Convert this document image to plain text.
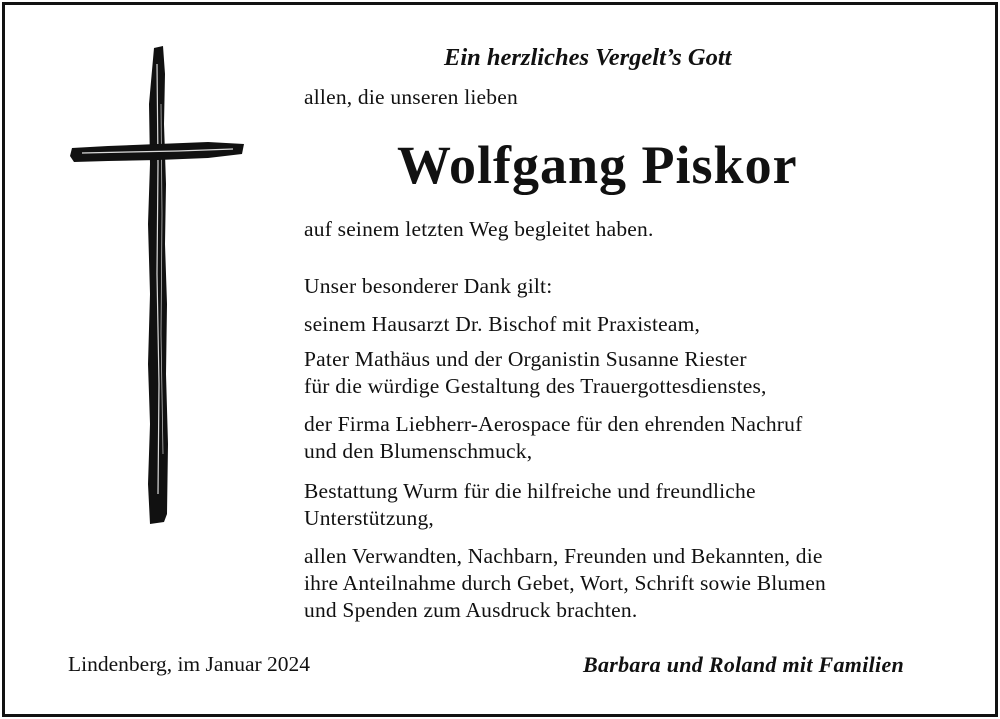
Ein herzliches Vergelt’s Gott
allen, die unseren lieben
Wolfgang Piskor
auf seinem letzten Weg begleitet haben.
Unser besonderer Dank gilt:
seinem Hausarzt Dr. Bischof mit Praxisteam,
Pater Mathäus und der Organistin Susanne Riester
für die würdige Gestaltung des Trauergottesdienstes,
der Firma Liebherr-Aerospace für den ehrenden Nachruf
und den Blumenschmuck,
Bestattung Wurm für die hilfreiche und freundliche
Unterstützung,
allen Verwandten, Nachbarn, Freunden und Bekannten, die
ihre Anteilnahme durch Gebet, Wort, Schrift sowie Blumen
und Spenden zum Ausdruck brachten.
Lindenberg, im Januar 2024	Barbara und Roland mit Familien
